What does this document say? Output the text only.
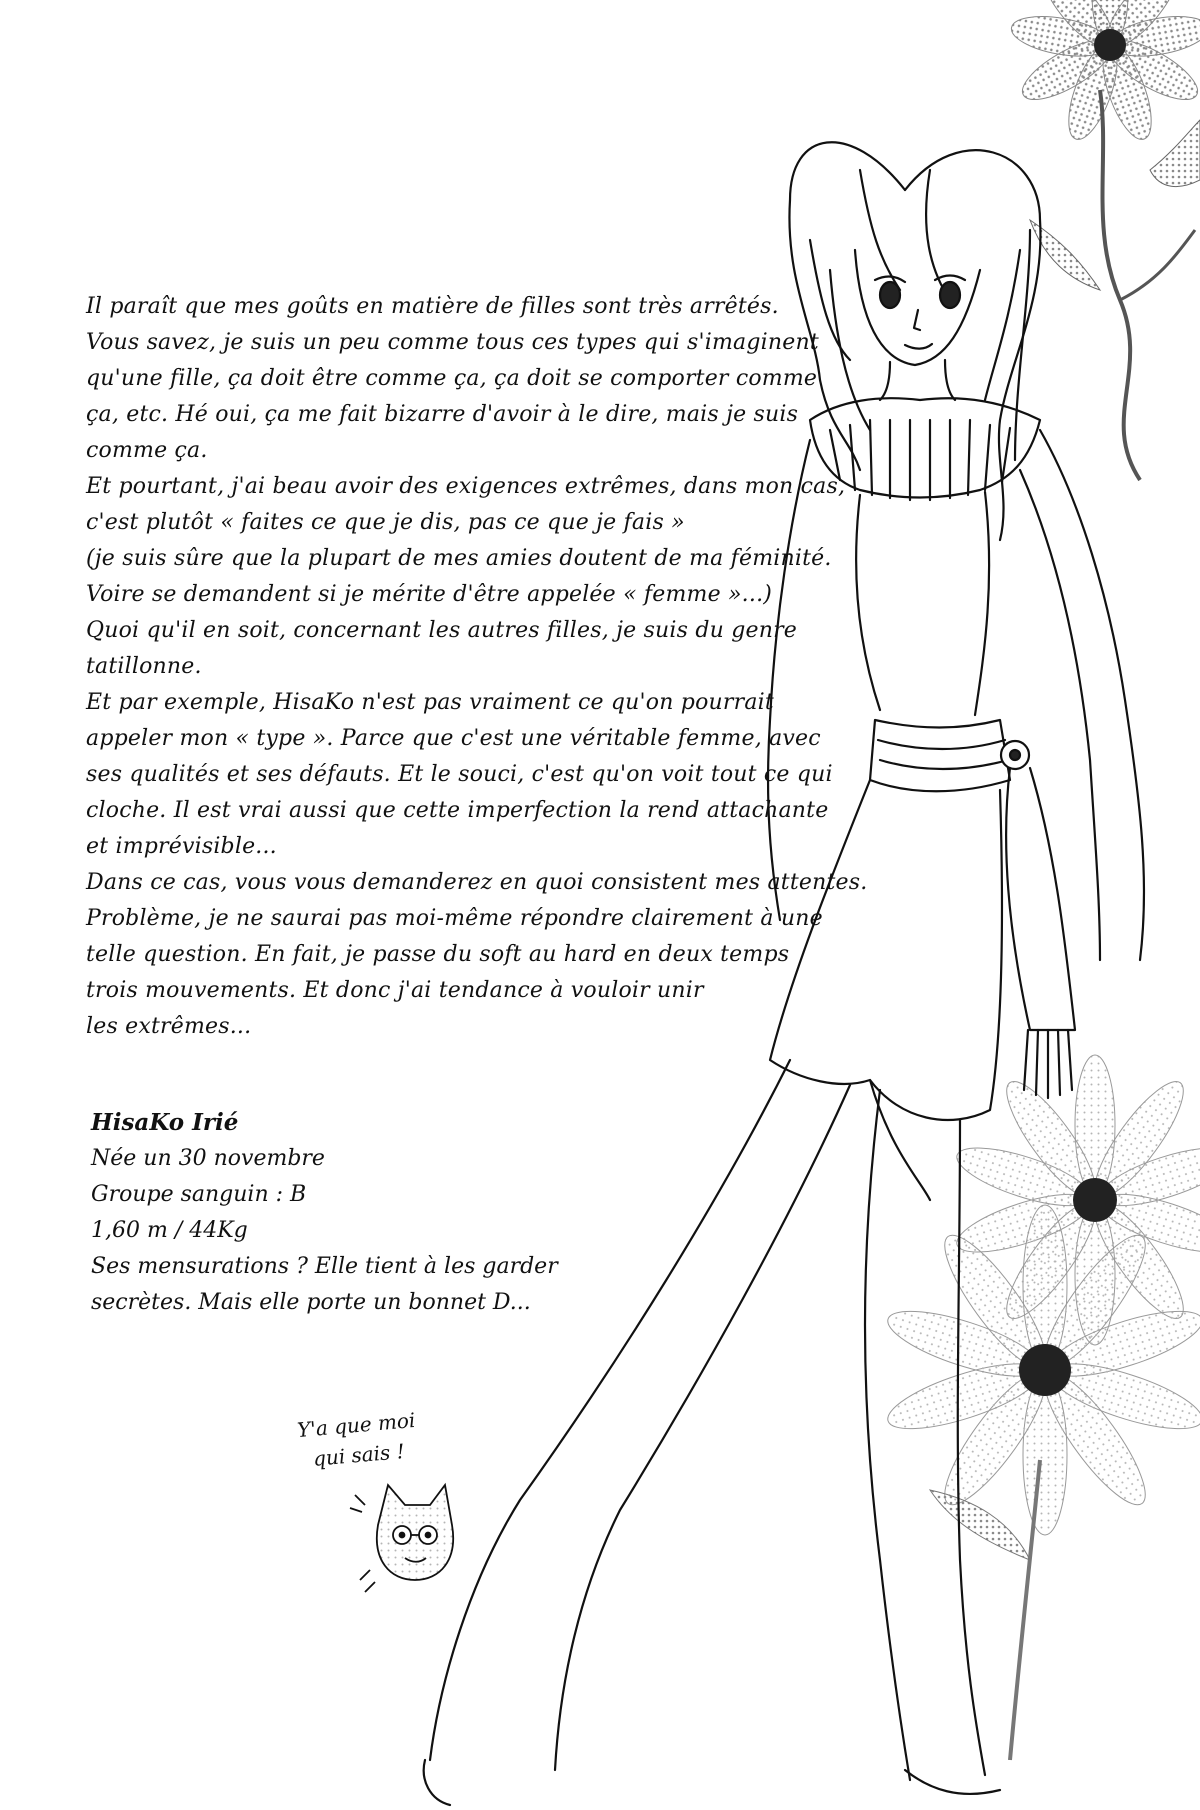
Il paraît que mes goûts en matière de filles sont très arrêtés.

Vous savez, je suis un peu comme tous ces types qui s'imaginent

qu'une fille, ça doit être comme ça, ça doit se comporter comme

ça, etc. Hé oui, ça me fait bizarre d'avoir à le dire, mais je suis

comme ça.

Et pourtant, j'ai beau avoir des exigences extrêmes, dans mon cas,

c'est plutôt « faites ce que je dis, pas ce que je fais »

(je suis sûre que la plupart de mes amies doutent de ma féminité.

Voire se demandent si je mérite d'être appelée « femme »...)

Quoi qu'il en soit, concernant les autres filles, je suis du genre

tatillonne.

Et par exemple, HisaKo n'est pas vraiment ce qu'on pourrait

appeler mon « type ». Parce que c'est une véritable femme, avec

ses qualités et ses défauts. Et le souci, c'est qu'on voit tout ce qui

cloche. Il est vrai aussi que cette imperfection la rend attachante

et imprévisible...

Dans ce cas, vous vous demanderez en quoi consistent mes attentes.

Problème, je ne saurai pas moi-même répondre clairement à une

telle question. En fait, je passe du soft au hard en deux temps

trois mouvements. Et donc j'ai tendance à vouloir unir

les extrêmes...

HisaKo Irié

Née un 30 novembre

Groupe sanguin : B

1,60 m / 44Kg

Ses mensurations ? Elle tient à les garder

secrètes. Mais elle porte un bonnet D...

Y'a que moi

qui sais !
